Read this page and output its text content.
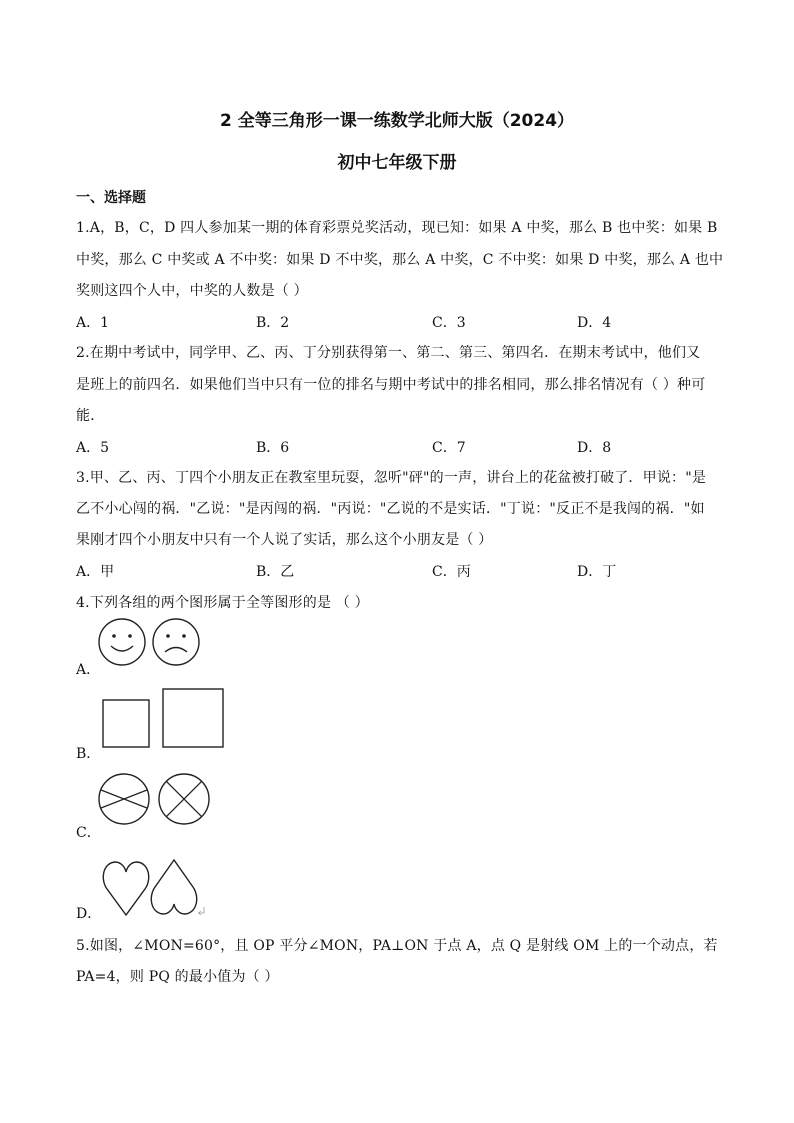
2 全等三角形一课一练数学北师大版（2024）
初中七年级下册
一、选择题
1.A，B，C，D 四人参加某一期的体育彩票兑奖活动，现已知：如果 A 中奖，那么 B 也中奖：如果 B
中奖，那么 C 中奖或 A 不中奖：如果 D 不中奖，那么 A 中奖，C 不中奖：如果 D 中奖，那么 A 也中
奖则这四个人中，中奖的人数是（ ）
A．1	B．2	C．3	D．4
2.在期中考试中，同学甲、乙、丙、丁分别获得第一、第二、第三、第四名．在期末考试中，他们又
是班上的前四名．如果他们当中只有一位的排名与期中考试中的排名相同，那么排名情况有（ ）种可
能．
A．5	B．6	C．7	D．8
3.甲、乙、丙、丁四个小朋友正在教室里玩耍，忽听"砰"的一声，讲台上的花盆被打破了．甲说："是
乙不小心闯的祸．"乙说："是丙闯的祸．"丙说："乙说的不是实话．"丁说："反正不是我闯的祸．"如
果刚才四个小朋友中只有一个人说了实话，那么这个小朋友是（ ）
A．甲	B．乙	C．丙	D．丁
4.下列各组的两个图形属于全等图形的是 （ ）
A．
B．
C．
D．
5.如图，∠MON=60°，且 OP 平分∠MON，PA⊥ON 于点 A，点 Q 是射线 OM 上的一个动点，若
PA=4，则 PQ 的最小值为（ ）
